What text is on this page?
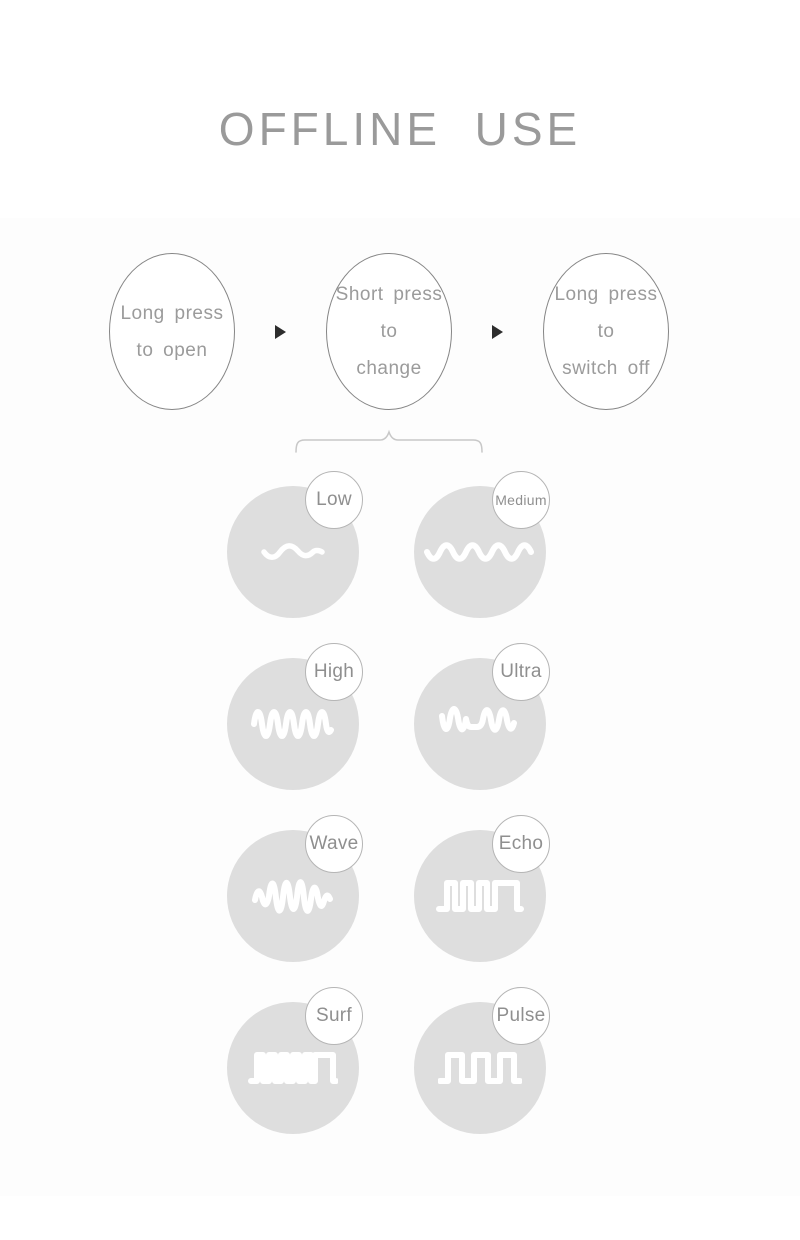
OFFLINE  USE
Long press
to open
Short press to
change
Long press to
switch off
Low	Medium
High	Ultra
Wave	Echo
Surf	Pulse
